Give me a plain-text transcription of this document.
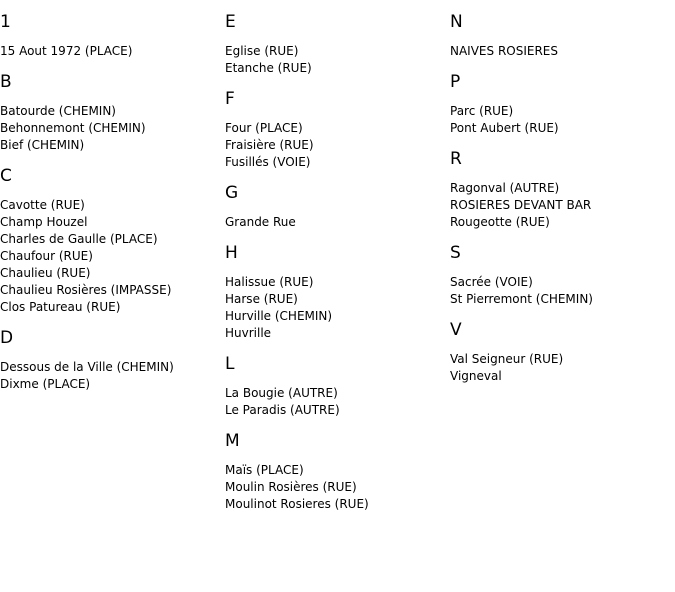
1
15 Aout 1972 (PLACE)
B
Batourde (CHEMIN)
Behonnemont (CHEMIN)
Bief (CHEMIN)
C
Cavotte (RUE)
Champ Houzel
Charles de Gaulle (PLACE)
Chaufour (RUE)
Chaulieu (RUE)
Chaulieu Rosières (IMPASSE)
Clos Patureau (RUE)
D
Dessous de la Ville (CHEMIN)
Dixme (PLACE)
E
Eglise (RUE)
Etanche (RUE)
F
Four (PLACE)
Fraisière (RUE)
Fusillés (VOIE)
G
Grande Rue
H
Halissue (RUE)
Harse (RUE)
Hurville (CHEMIN)
Huvrille
L
La Bougie (AUTRE)
Le Paradis (AUTRE)
M
Maïs (PLACE)
Moulin Rosières (RUE)
Moulinot Rosieres (RUE)
N
NAIVES ROSIERES
P
Parc (RUE)
Pont Aubert (RUE)
R
Ragonval (AUTRE)
ROSIERES DEVANT BAR
Rougeotte (RUE)
S
Sacrée (VOIE)
St Pierremont (CHEMIN)
V
Val Seigneur (RUE)
Vigneval
